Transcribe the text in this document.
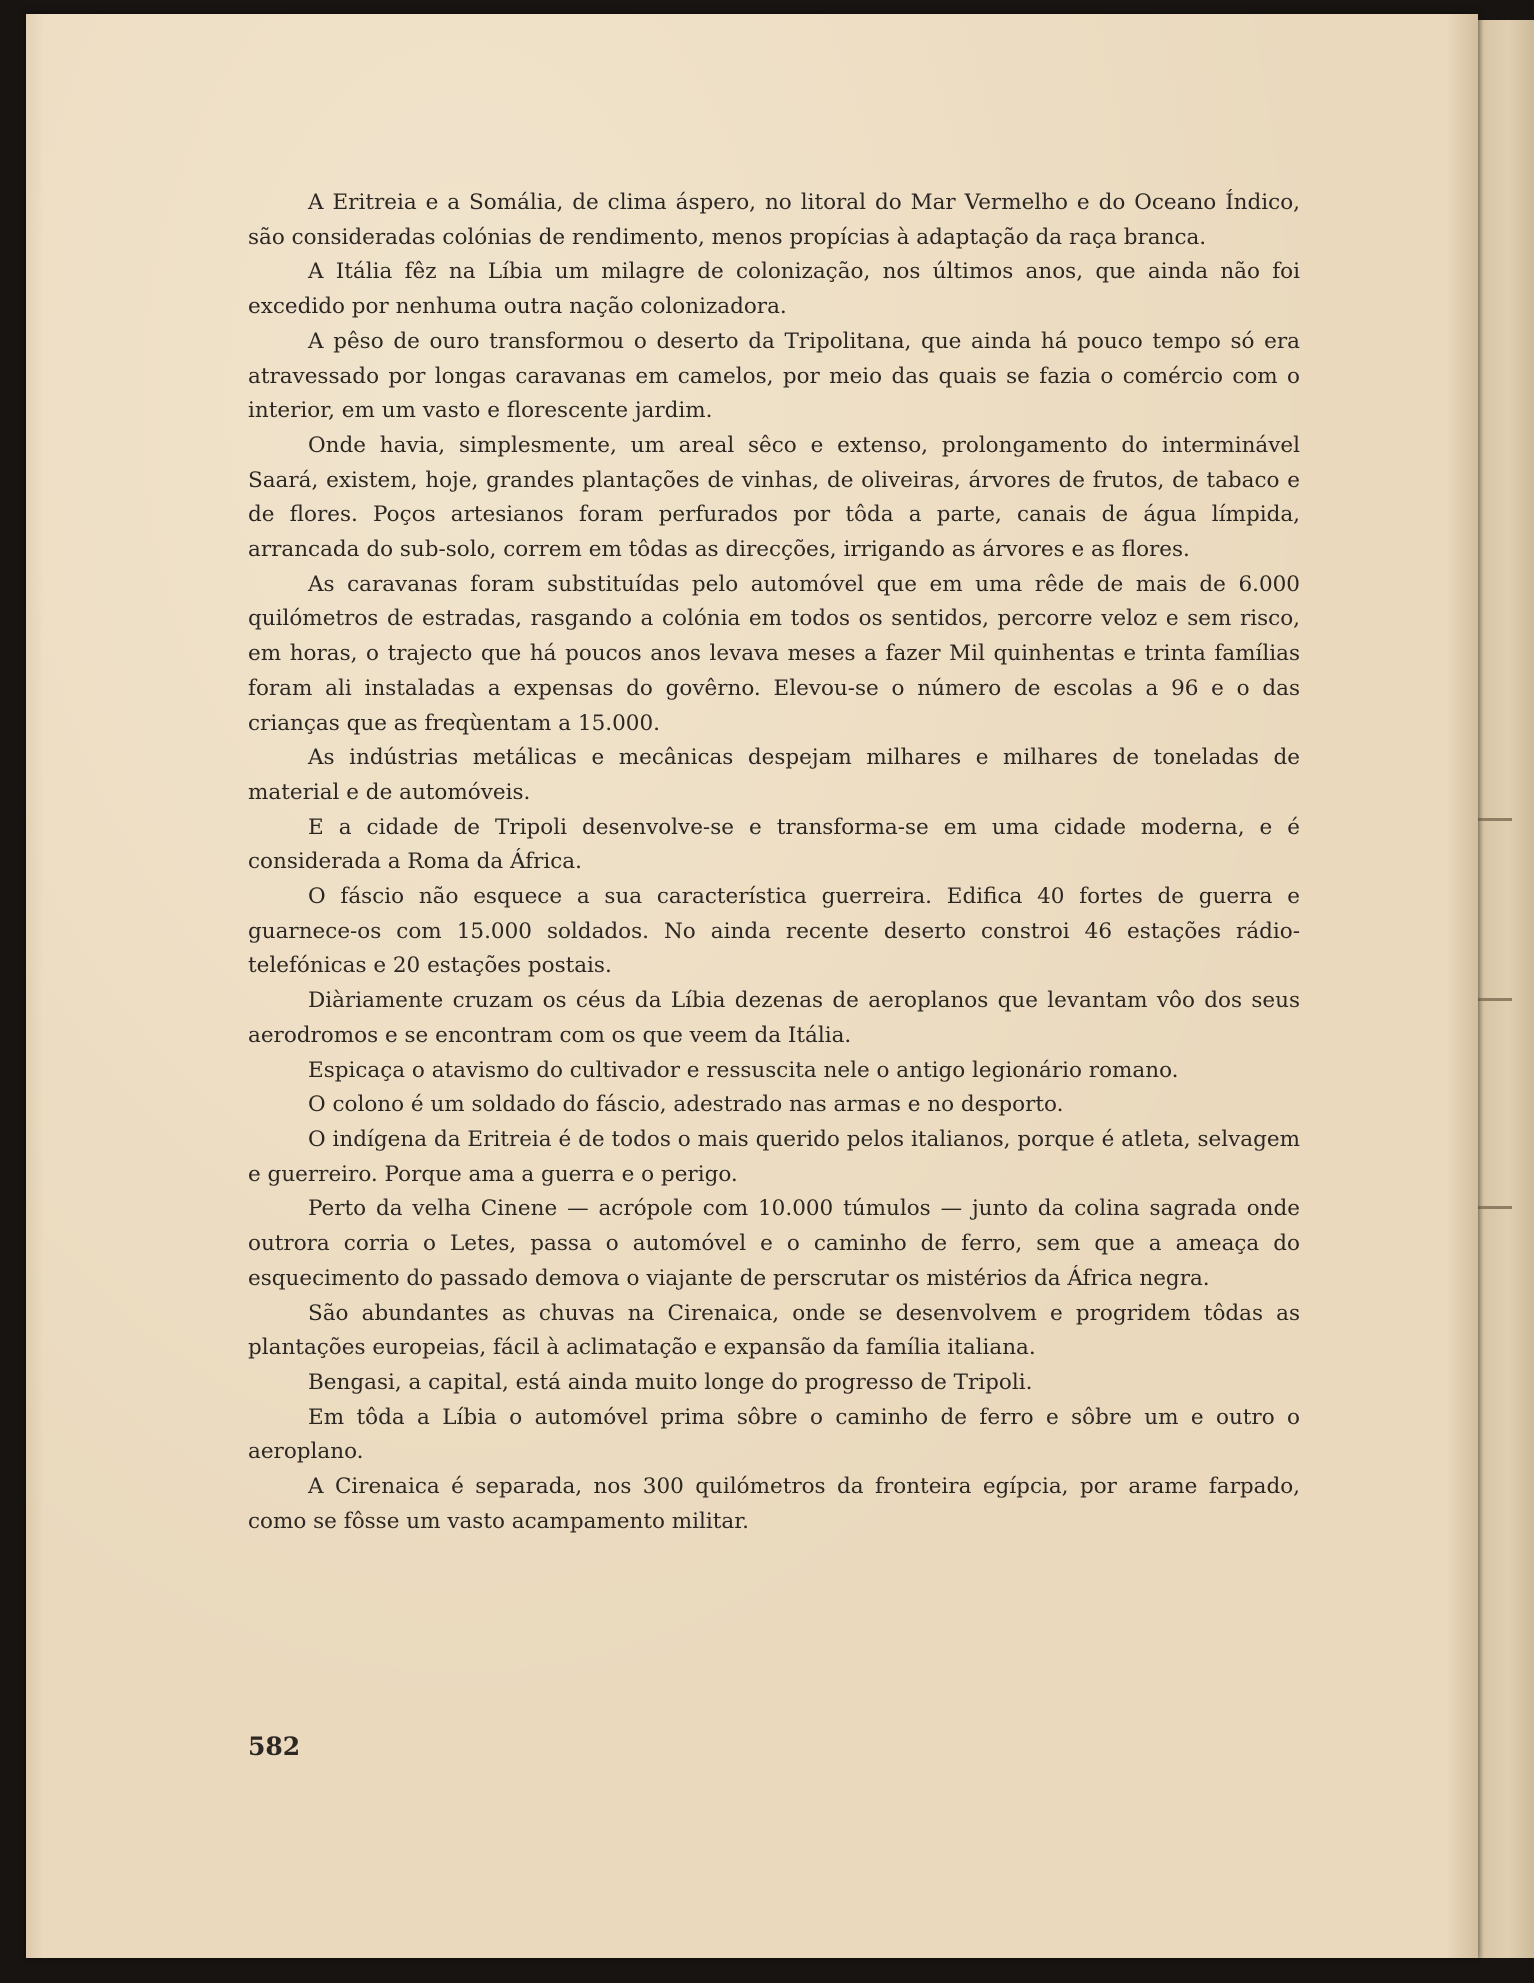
A Eritreia e a Somália, de clima áspero, no litoral do Mar Vermelho e do Oceano Índico, são consideradas colónias de rendimento, menos propícias à adaptação da raça branca.

A Itália fêz na Líbia um milagre de colonização, nos últimos anos, que ainda não foi excedido por nenhuma outra nação colonizadora.

A pêso de ouro transformou o deserto da Tripolitana, que ainda há pouco tempo só era atravessado por longas caravanas em camelos, por meio das quais se fazia o comércio com o interior, em um vasto e florescente jardim.

Onde havia, simplesmente, um areal sêco e extenso, prolongamento do interminável Saará, existem, hoje, grandes plantações de vinhas, de oliveiras, árvores de frutos, de tabaco e de flores. Poços artesianos foram perfurados por tôda a parte, canais de água límpida, arrancada do sub-solo, correm em tôdas as direcções, irrigando as árvores e as flores.

As caravanas foram substituídas pelo automóvel que em uma rêde de mais de 6.000 quilómetros de estradas, rasgando a colónia em todos os sentidos, percorre veloz e sem risco, em horas, o trajecto que há poucos anos levava meses a fazer Mil quinhentas e trinta famílias foram ali instaladas a expensas do govêrno. Elevou-se o número de escolas a 96 e o das crianças que as freqùentam a 15.000.

As indústrias metálicas e mecânicas despejam milhares e milhares de toneladas de material e de automóveis.

E a cidade de Tripoli desenvolve-se e transforma-se em uma cidade moderna, e é considerada a Roma da África.

O fáscio não esquece a sua característica guerreira. Edifica 40 fortes de guerra e guarnece-os com 15.000 soldados. No ainda recente deserto constroi 46 estações rádio-telefónicas e 20 estações postais.

Diàriamente cruzam os céus da Líbia dezenas de aeroplanos que levantam vôo dos seus aerodromos e se encontram com os que veem da Itália.

Espicaça o atavismo do cultivador e ressuscita nele o antigo legionário romano.

O colono é um soldado do fáscio, adestrado nas armas e no desporto.

O indígena da Eritreia é de todos o mais querido pelos italianos, porque é atleta, selvagem e guerreiro. Porque ama a guerra e o perigo.

Perto da velha Cinene — acrópole com 10.000 túmulos — junto da colina sagrada onde outrora corria o Letes, passa o automóvel e o caminho de ferro, sem que a ameaça do esquecimento do passado demova o viajante de perscrutar os mistérios da África negra.

São abundantes as chuvas na Cirenaica, onde se desenvolvem e progridem tôdas as plantações europeias, fácil à aclimatação e expansão da família italiana.

Bengasi, a capital, está ainda muito longe do progresso de Tripoli.

Em tôda a Líbia o automóvel prima sôbre o caminho de ferro e sôbre um e outro o aeroplano.

A Cirenaica é separada, nos 300 quilómetros da fronteira egípcia, por arame farpado, como se fôsse um vasto acampamento militar.

582
